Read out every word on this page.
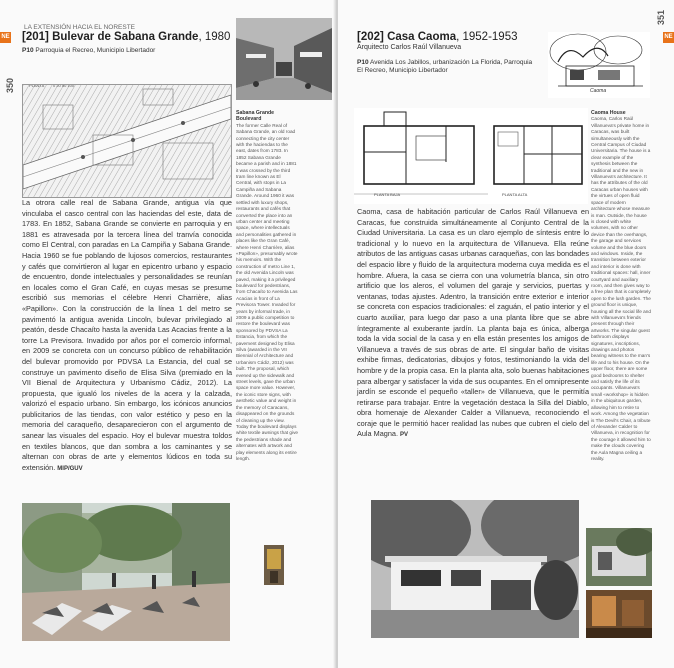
NE
350
LA EXTENSIÓN HACIA EL NORESTE
[201] Bulevar de Sabana Grande, 1980
P10 Parroquia el Recreo, Municipio Libertador
PLANTA 0 20 50 100
La otrora calle real de Sabana Grande, antigua vía que vinculaba el casco central con las haciendas del este, data de 1783. En 1852, Sabana Grande se convierte en parroquia y en 1881 es atravesada por la tercera línea del tranvía conocida como El Central, con paradas en La Campiña y Sabana Grande. Hacia 1960 se fue poblando de lujosos comercios, restaurantes y cafés que convirtieron al lugar en epicentro urbano y espacio de encuentro, donde intelectuales y personalidades se reunían en locales como el Gran Café, en cuyas mesas se presume escribió sus memorias el célebre Henri Charrière, alias «Papillon». Con la construcción de la línea 1 del metro se pavimentó la antigua avenida Lincoln, bulevar privilegiado al peatón, desde Chacaíto hasta la avenida Las Acacias frente a la torre La Previsora. Invadido por años por el comercio informal, en 2009 se concreta con un concurso público de rehabilitación del bulevar promovido por PDVSA La Estancia, del cual se construye un pavimento diseño de Elisa Silva (premiado en la VII Bienal de Arquitectura y Urbanismo Cádiz, 2012). La propuesta, que igualó los niveles de la acera y la calzada, valorizó el espacio urbano. Sin embargo, los icónicos anuncios publicitarios de las tiendas, con valor estético y peso en la memoria del caraqueño, desaparecieron con el argumento de sanear las visuales del espacio. Hoy el bulevar muestra toldos en textiles blancos, que dan sombra a los caminantes y se alternan con obras de arte y elementos lúdicos en toda su extensión. MIP/GUV
Sabana Grande Boulevard
The former Calle Real of Sabana Grande, an old road connecting the city center with the haciendas to the east, dates from 1783. In 1852 Sabana Grande became a parish and in 1881 it was crossed by the third tram line known as El Central, with stops in La Campiña and Sabana Grande. Around 1960 it was settled with luxury shops, restaurants and cafés that converted the place into an urban center and meeting space, where intellectuals and personalities gathered in places like the Gran Café, where Henri Charrière, alias «Papillon», presumably wrote his memoirs. With the construction of metro Line 1, the old Avenida Lincoln was paved, making it a privileged boulevard for pedestrians, from Chacaíto to Avenida Las Acacias in front of La Previsora Tower. Invaded for years by informal trade, in 2009 a public competition to restore the boulevard was sponsored by PDVSA La Estancia, from which the pavement designed by Elisa Silva (awarded in the VII Biennial of Architecture and Urbanism Cádiz, 2012) was built. The proposal, which evened up the sidewalk and street levels, gave the urban space more value. However, the iconic store signs, with aesthetic value and weight in the memory of Caracans, disappeared on the grounds of cleaning up the view. Today the boulevard displays white textile awnings that give the pedestrians shade and alternates with artwork and play elements along its entire length.
NE
351
[202] Casa Caoma, 1952-1953
Arquitecto Carlos Raúl Villanueva
P10 Avenida Los Jabillos, urbanización La Florida, Parroquia El Recreo, Municipio Libertador
Caoma
PLANTA BAJA	PLANTA ALTA
Caoma, casa de habitación particular de Carlos Raúl Villanueva en Caracas, fue construida simultáneamente al Conjunto Central de la Ciudad Universitaria. La casa es un claro ejemplo de síntesis entre lo tradicional y lo nuevo en la arquitectura de Villanueva. Ella reúne atributos de las antiguas casas urbanas caraqueñas, con las bondades del espacio libre y fluido de la arquitectura moderna cuya medida es el hombre. Afuera, la casa se cierra con una volumetría blanca, sin otro artificio que los aleros, el volumen del garaje y servicios, puertas y ventanas, todas ajustes. Adentro, la transición entre exterior e interior se concreta con espacios tradicionales: el zaguán, el patio interior y el cuarto auxiliar, para luego dar paso a una planta libre que se abre íntegramente al exuberante jardín. La planta baja es única, alberga toda la vida social de la casa y en ella están presentes los amigos de Villanueva a través de sus obras de arte. El singular baño de visitas exhibe firmas, dedicatorias, dibujos y fotos, testimoniando la vida del hombre y de la propia casa. En la planta alta, solo buenas habitaciones para albergar y satisfacer la vida de sus ocupantes. En el omnipresente jardín se esconde el pequeño «taller» de Villanueva, que le permitía retirarse para trabajar. Entre la vegetación destaca la Silla del Diablo, obra homenaje de Alexander Calder a Villanueva, reconociendo el coraje que le permitió hacer realidad las nubes que cubren el cielo del Aula Magna. PV
Caoma House
Caoma, Carlos Raúl Villanueva's private home in Caracas, was built simultaneously with the Central Campus of Ciudad Universitaria. The house is a clear example of the synthesis between the traditional and the new in Villanueva's architecture. It has the attributes of the old Caracas urban houses with the virtues of open fluid space of modern architecture whose measure is man. Outside, the house is closed with white volumes, with no other device than the overhangs, the garage and services volume and the blue doors and windows. Inside, the transition between exterior and interior is done with traditional spaces: hall, inner courtyard and auxiliary room, and then gives way to a free plan that is completely open to the lush garden. The ground floor is unique, housing all the social life and with Villanueva's friends present through their artworks. The singular guest bathroom displays signatures, inscriptions, drawings and photos bearing witness to the man's life and to his house. On the upper floor, there are some good bedrooms to shelter and satisfy the life of its occupants. Villanueva's small «workshop» is hidden in the ubiquitous garden, allowing him to retire to work. Among the vegetation is The Devil's Chair, a tribute of Alexander Calder to Villanueva, in recognition for the courage it allowed him to make the clouds covering the Aula Magna ceiling a reality.
